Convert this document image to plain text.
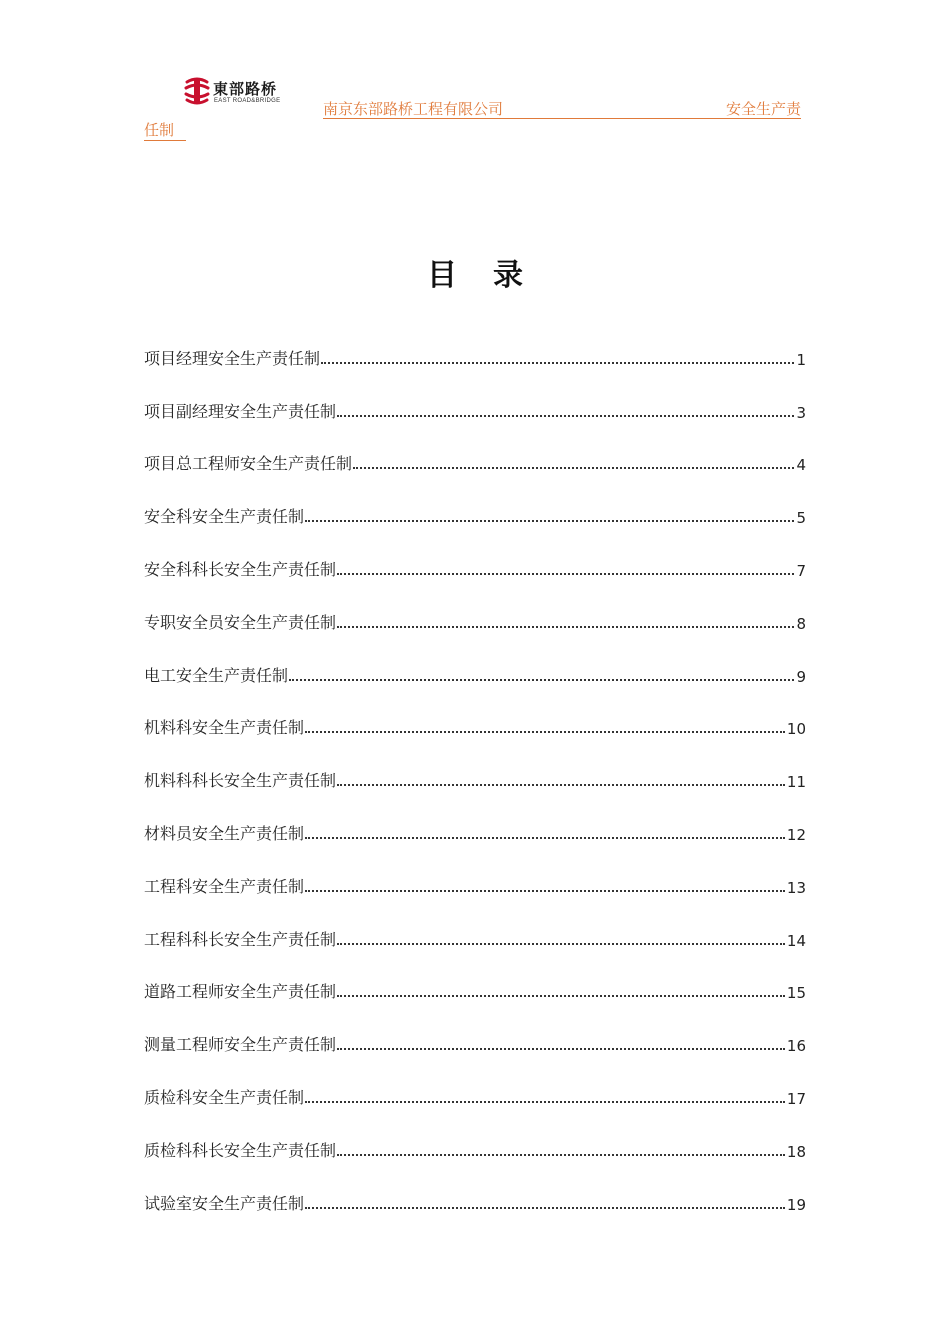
東部路桥
EAST ROAD&BRIDGE	南京东部路桥工程有限公司	安全生产责
任制
目录
项目经理安全生产责任制	1
项目副经理安全生产责任制	3
项目总工程师安全生产责任制	4
安全科安全生产责任制	5
安全科科长安全生产责任制	7
专职安全员安全生产责任制	8
电工安全生产责任制	9
机料科安全生产责任制	10
机料科科长安全生产责任制	11
材料员安全生产责任制	12
工程科安全生产责任制	13
工程科科长安全生产责任制	14
道路工程师安全生产责任制	15
测量工程师安全生产责任制	16
质检科安全生产责任制	17
质检科科长安全生产责任制	18
试验室安全生产责任制	19
